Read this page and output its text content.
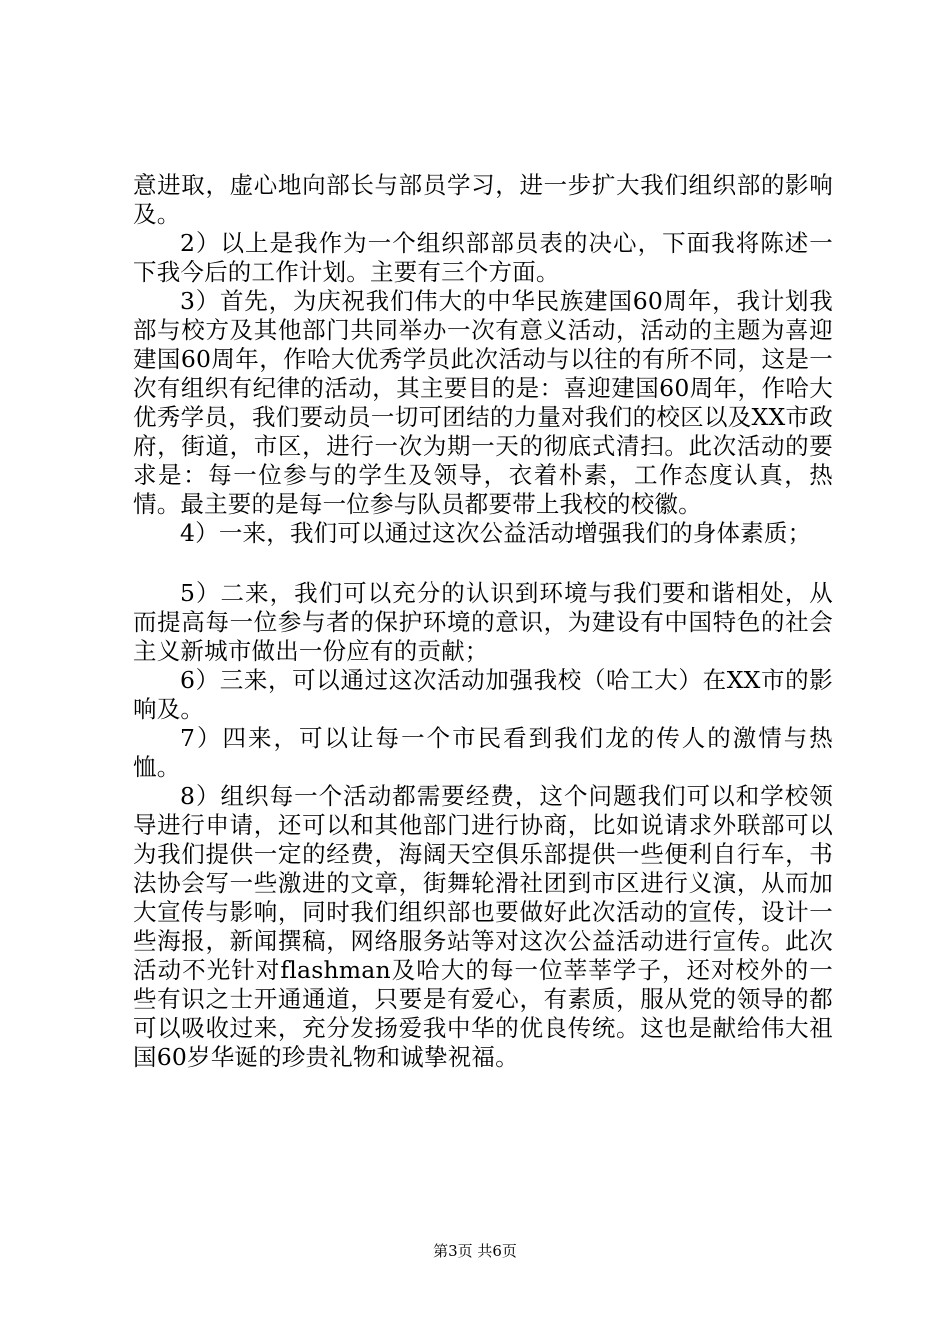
意进取，虚心地向部长与部员学习，进一步扩大我们组织部的影响及。

2）以上是我作为一个组织部部员表的决心，下面我将陈述一下我今后的工作计划。主要有三个方面。

3）首先，为庆祝我们伟大的中华民族建国60周年，我计划我部与校方及其他部门共同举办一次有意义活动，活动的主题为喜迎建国60周年，作哈大优秀学员此次活动与以往的有所不同，这是一次有组织有纪律的活动，其主要目的是：喜迎建国60周年，作哈大优秀学员，我们要动员一切可团结的力量对我们的校区以及XX市政府，街道，市区，进行一次为期一天的彻底式清扫。此次活动的要求是：每一位参与的学生及领导，衣着朴素，工作态度认真，热情。最主要的是每一位参与队员都要带上我校的校徽。

4）一来，我们可以通过这次公益活动增强我们的身体素质；

5）二来，我们可以充分的认识到环境与我们要和谐相处，从而提高每一位参与者的保护环境的意识，为建设有中国特色的社会主义新城市做出一份应有的贡献；

6）三来，可以通过这次活动加强我校（哈工大）在XX市的影响及。

7）四来，可以让每一个市民看到我们龙的传人的激情与热恤。

8）组织每一个活动都需要经费，这个问题我们可以和学校领导进行申请，还可以和其他部门进行协商，比如说请求外联部可以为我们提供一定的经费，海阔天空俱乐部提供一些便利自行车，书法协会写一些激进的文章，街舞轮滑社团到市区进行义演，从而加大宣传与影响，同时我们组织部也要做好此次活动的宣传，设计一些海报，新闻撰稿，网络服务站等对这次公益活动进行宣传。此次活动不光针对flashman及哈大的每一位莘莘学子，还对校外的一些有识之士开通通道，只要是有爱心，有素质，服从党的领导的都可以吸收过来，充分发扬爱我中华的优良传统。这也是献给伟大祖国60岁华诞的珍贵礼物和诚挚祝福。

第3页 共6页
